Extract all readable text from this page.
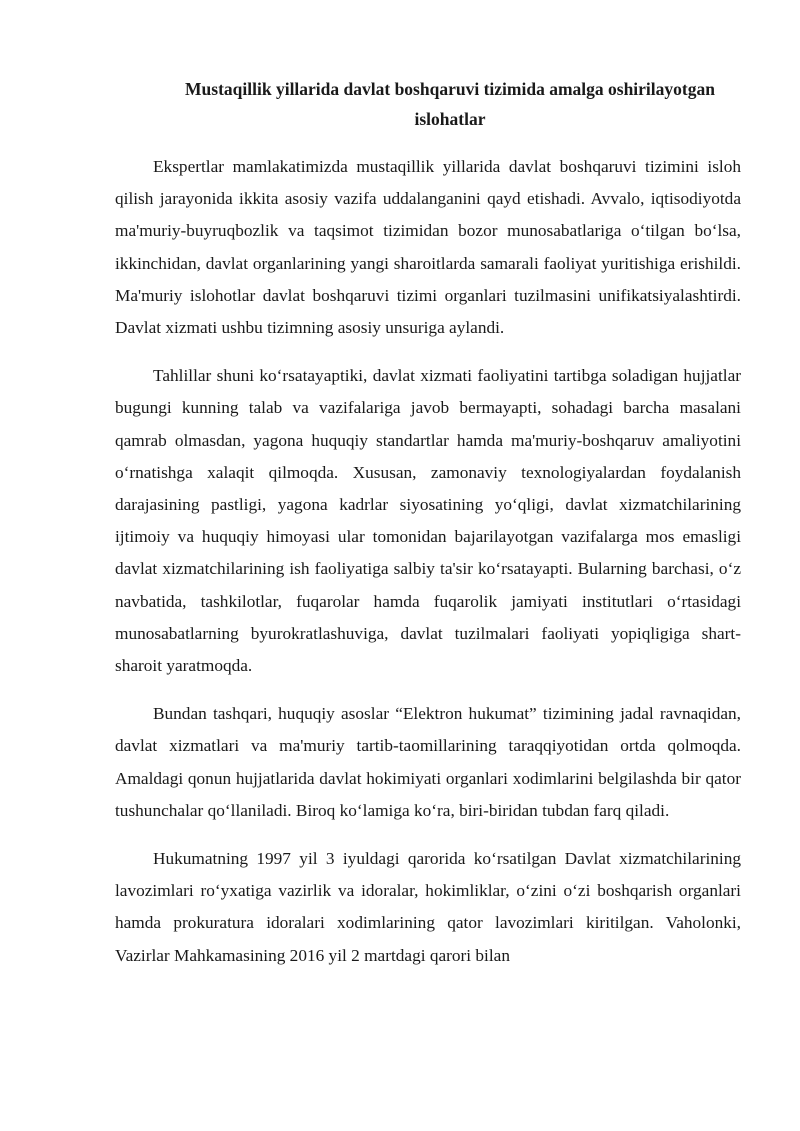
Mustaqillik yillarida davlat boshqaruvi tizimida amalga oshirilayotgan islohatlar

Ekspertlar mamlakatimizda mustaqillik yillarida davlat boshqaruvi tizimini isloh qilish jarayonida ikkita asosiy vazifa uddalanganini qayd etishadi. Avvalo, iqtisodiyotda ma'muriy-buyruqbozlik va taqsimot tizimidan bozor munosabatlariga o‘tilgan bo‘lsa, ikkinchidan, davlat organlarining yangi sharoitlarda samarali faoliyat yuritishiga erishildi. Ma'muriy islohotlar davlat boshqaruvi tizimi organlari tuzilmasini unifikatsiyalashtirdi. Davlat xizmati ushbu tizimning asosiy unsuriga aylandi.

Tahlillar shuni ko‘rsatayaptiki, davlat xizmati faoliyatini tartibga soladigan hujjatlar bugungi kunning talab va vazifalariga javob bermayapti, sohadagi barcha masalani qamrab olmasdan, yagona huquqiy standartlar hamda ma'muriy-boshqaruv amaliyotini o‘rnatishga xalaqit qilmoqda. Xususan, zamonaviy texnologiyalardan foydalanish darajasining pastligi, yagona kadrlar siyosatining yo‘qligi, davlat xizmatchilarining ijtimoiy va huquqiy himoyasi ular tomonidan bajarilayotgan vazifalarga mos emasligi davlat xizmatchilarining ish faoliyatiga salbiy ta'sir ko‘rsatayapti. Bularning barchasi, o‘z navbatida, tashkilotlar, fuqarolar hamda fuqarolik jamiyati institutlari o‘rtasidagi munosabatlarning byurokratlashuviga, davlat tuzilmalari faoliyati yopiqligiga shart-sharoit yaratmoqda.

Bundan tashqari, huquqiy asoslar “Elektron hukumat” tizimining jadal ravnaqidan, davlat xizmatlari va ma'muriy tartib-taomillarining taraqqiyotidan ortda qolmoqda. Amaldagi qonun hujjatlarida davlat hokimiyati organlari xodimlarini belgilashda bir qator tushunchalar qo‘llaniladi. Biroq ko‘lamiga ko‘ra, biri-biridan tubdan farq qiladi.

Hukumatning 1997 yil 3 iyuldagi qarorida ko‘rsatilgan Davlat xizmatchilarining lavozimlari ro‘yxatiga vazirlik va idoralar, hokimliklar, o‘zini o‘zi boshqarish organlari hamda prokuratura idoralari xodimlarining qator lavozimlari kiritilgan. Vaholonki, Vazirlar Mahkamasining 2016 yil 2 martdagi qarori bilan
